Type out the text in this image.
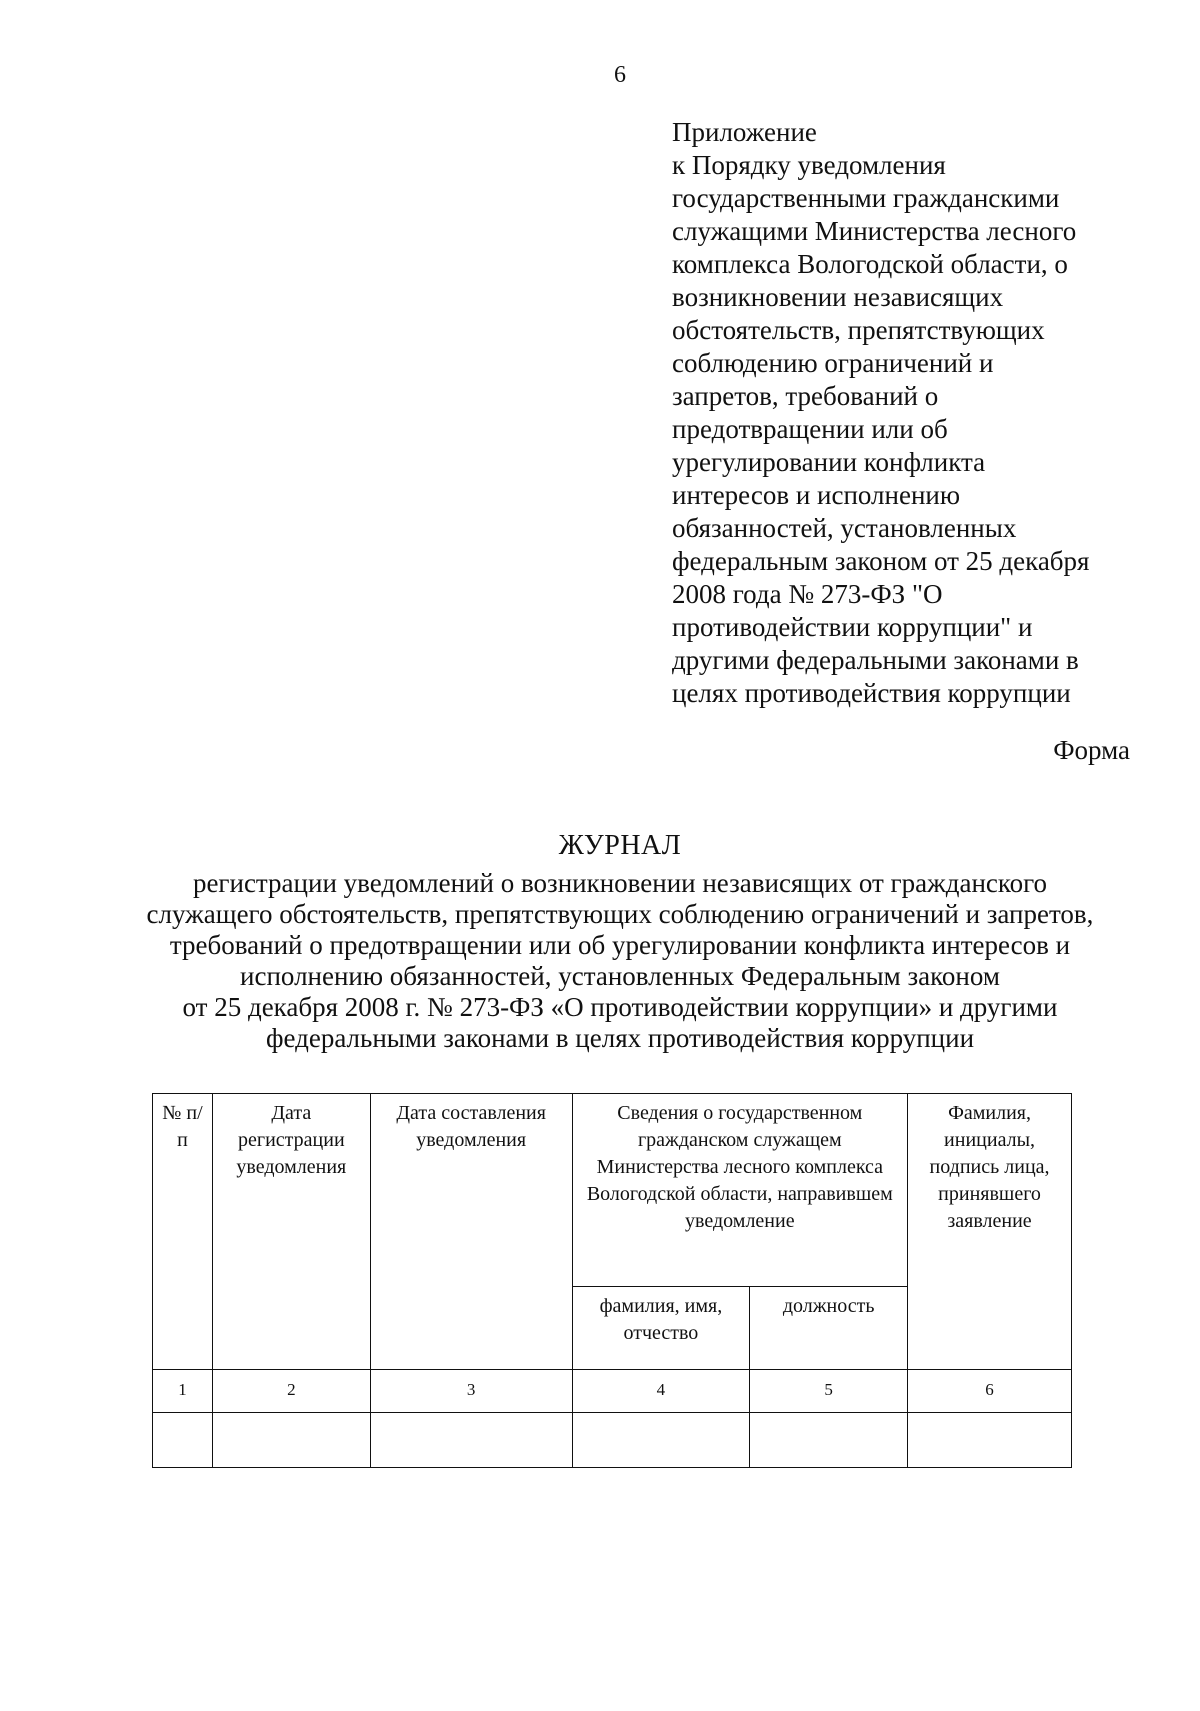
6
Приложение
к Порядку уведомления
государственными гражданскими
служащими Министерства лесного
комплекса Вологодской области, о
возникновении независящих
обстоятельств, препятствующих
соблюдению ограничений и
запретов, требований о
предотвращении или об
урегулировании конфликта
интересов и исполнению
обязанностей, установленных
федеральным законом от 25 декабря
2008 года № 273-ФЗ "О
противодействии коррупции" и
другими федеральными законами в
целях противодействия коррупции
Форма
ЖУРНАЛ
регистрации уведомлений о возникновении независящих от гражданского
служащего обстоятельств, препятствующих соблюдению ограничений и запретов,
требований о предотвращении или об урегулировании конфликта интересов и
исполнению обязанностей, установленных Федеральным законом
от 25 декабря 2008 г. № 273-ФЗ «О противодействии коррупции» и другими
федеральными законами в целях противодействия коррупции
№ п/п	Дата регистрации уведомления	Дата составления уведомления	Сведения о государственном гражданском служащем Министерства лесного комплекса Вологодской области, направившем уведомление		Фамилия, инициалы, подпись лица, принявшего заявление
			фамилия, имя, отчество	должность	
1	2	3	4	5	6
